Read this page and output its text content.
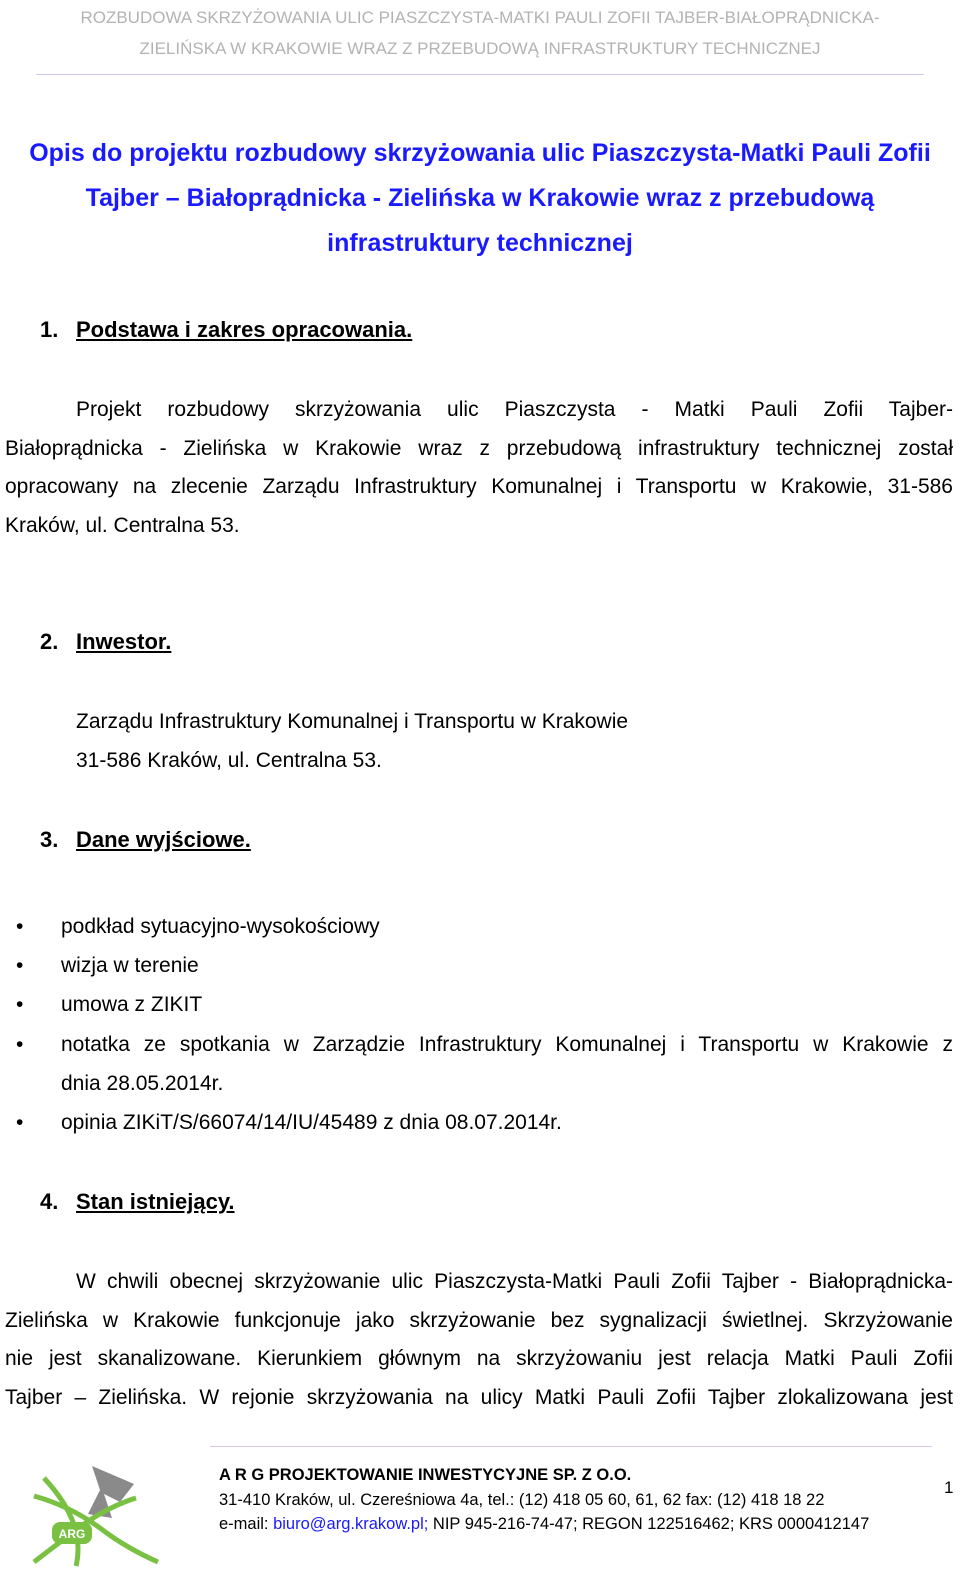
ROZBUDOWA SKRZYŻOWANIA ULIC PIASZCZYSTA-MATKI PAULI ZOFII TAJBER-BIAŁOPRĄDNICKA-
ZIELIŃSKA W KRAKOWIE WRAZ Z PRZEBUDOWĄ INFRASTRUKTURY TECHNICZNEJ
Opis do projektu rozbudowy skrzyżowania ulic Piaszczysta-Matki Pauli Zofii
Tajber – Białoprądnicka - Zielińska w Krakowie wraz z przebudową
infrastruktury technicznej
1. Podstawa i zakres opracowania.
Projekt rozbudowy skrzyżowania ulic Piaszczysta - Matki Pauli Zofii Tajber-
Białoprądnicka - Zielińska w Krakowie wraz z przebudową infrastruktury technicznej został
opracowany na zlecenie Zarządu Infrastruktury Komunalnej i Transportu w Krakowie, 31-586
Kraków, ul. Centralna 53.
2. Inwestor.
Zarządu Infrastruktury Komunalnej i Transportu w Krakowie
31-586 Kraków, ul. Centralna 53.
3. Dane wyjściowe.
• podkład sytuacyjno-wysokościowy
• wizja w terenie
• umowa z ZIKIT
• notatka ze spotkania w Zarządzie Infrastruktury Komunalnej i Transportu w Krakowie z
dnia 28.05.2014r.
• opinia ZIKiT/S/66074/14/IU/45489 z dnia 08.07.2014r.
4. Stan istniejący.
W chwili obecnej skrzyżowanie ulic Piaszczysta-Matki Pauli Zofii Tajber - Białoprądnicka-
Zielińska w Krakowie funkcjonuje jako skrzyżowanie bez sygnalizacji świetlnej. Skrzyżowanie
nie jest skanalizowane. Kierunkiem głównym na skrzyżowaniu jest relacja Matki Pauli Zofii
Tajber – Zielińska. W rejonie skrzyżowania na ulicy Matki Pauli Zofii Tajber zlokalizowana jest
ARG
A R G PROJEKTOWANIE INWESTYCYJNE SP. Z O.O.
31-410 Kraków, ul. Czereśniowa 4a, tel.: (12) 418 05 60, 61, 62 fax: (12) 418 18 22
e-mail: biuro@arg.krakow.pl; NIP 945-216-74-47; REGON 122516462; KRS 0000412147
1
